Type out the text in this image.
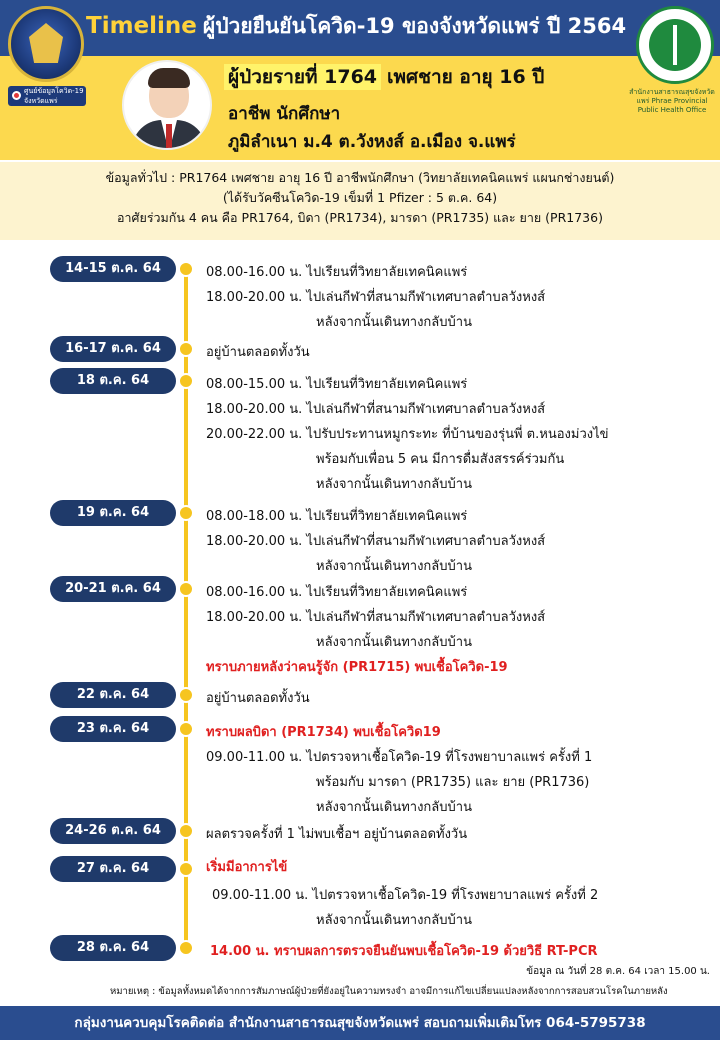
Timeline ผู้ป่วยยืนยันโควิด-19 ของจังหวัดแพร่ ปี 2564
ศูนย์ข้อมูลโควิด-19 จังหวัดแพร่
สำนักงานสาธารณสุขจังหวัดแพร่ Phrae Provincial Public Health Office
ผู้ป่วยรายที่ 1764 เพศชาย อายุ 16 ปี
อาชีพ นักศึกษา
ภูมิลำเนา ม.4 ต.วังหงส์ อ.เมือง จ.แพร่
ข้อมูลทั่วไป : PR1764 เพศชาย อายุ 16 ปี อาชีพนักศึกษา (วิทยาลัยเทคนิคแพร่ แผนกช่างยนต์)
(ได้รับวัคซีนโควิด-19 เข็มที่ 1 Pfizer : 5 ต.ค. 64)
อาศัยร่วมกัน 4 คน คือ PR1764, บิดา (PR1734), มารดา (PR1735) และ ยาย (PR1736)
14-15 ต.ค. 64	08.00-16.00 น. ไปเรียนที่วิทยาลัยเทคนิคแพร่
18.00-20.00 น. ไปเล่นกีฬาที่สนามกีฬาเทศบาลตำบลวังหงส์
หลังจากนั้นเดินทางกลับบ้าน
16-17 ต.ค. 64	อยู่บ้านตลอดทั้งวัน
18 ต.ค. 64	08.00-15.00 น. ไปเรียนที่วิทยาลัยเทคนิคแพร่
18.00-20.00 น. ไปเล่นกีฬาที่สนามกีฬาเทศบาลตำบลวังหงส์
20.00-22.00 น. ไปรับประทานหมูกระทะ ที่บ้านของรุ่นพี่ ต.หนองม่วงไข่
พร้อมกับเพื่อน 5 คน มีการดื่มสังสรรค์ร่วมกัน
หลังจากนั้นเดินทางกลับบ้าน
19 ต.ค. 64	08.00-18.00 น. ไปเรียนที่วิทยาลัยเทคนิคแพร่
18.00-20.00 น. ไปเล่นกีฬาที่สนามกีฬาเทศบาลตำบลวังหงส์
หลังจากนั้นเดินทางกลับบ้าน
20-21 ต.ค. 64	08.00-16.00 น. ไปเรียนที่วิทยาลัยเทคนิคแพร่
18.00-20.00 น. ไปเล่นกีฬาที่สนามกีฬาเทศบาลตำบลวังหงส์
หลังจากนั้นเดินทางกลับบ้าน
ทราบภายหลังว่าคนรู้จัก (PR1715) พบเชื้อโควิด-19
22 ต.ค. 64	อยู่บ้านตลอดทั้งวัน
23 ต.ค. 64	ทราบผลบิดา (PR1734) พบเชื้อโควิด19
09.00-11.00 น. ไปตรวจหาเชื้อโควิด-19 ที่โรงพยาบาลแพร่ ครั้งที่ 1
พร้อมกับ มารดา (PR1735) และ ยาย (PR1736)
หลังจากนั้นเดินทางกลับบ้าน
24-26 ต.ค. 64	ผลตรวจครั้งที่ 1 ไม่พบเชื้อฯ อยู่บ้านตลอดทั้งวัน
27 ต.ค. 64	เริ่มมีอาการไข้
09.00-11.00 น. ไปตรวจหาเชื้อโควิด-19 ที่โรงพยาบาลแพร่ ครั้งที่ 2
หลังจากนั้นเดินทางกลับบ้าน
28 ต.ค. 64	14.00 น. ทราบผลการตรวจยืนยันพบเชื้อโควิด-19 ด้วยวิธี RT-PCR
ข้อมูล ณ วันที่ 28 ต.ค. 64 เวลา 15.00 น.
หมายเหตุ : ข้อมูลทั้งหมดได้จากการสัมภาษณ์ผู้ป่วยที่ยังอยู่ในความทรงจำ อาจมีการแก้ไขเปลี่ยนแปลงหลังจากการสอบสวนโรคในภายหลัง
กลุ่มงานควบคุมโรคติดต่อ สำนักงานสาธารณสุขจังหวัดแพร่ สอบถามเพิ่มเติมโทร 064-5795738
